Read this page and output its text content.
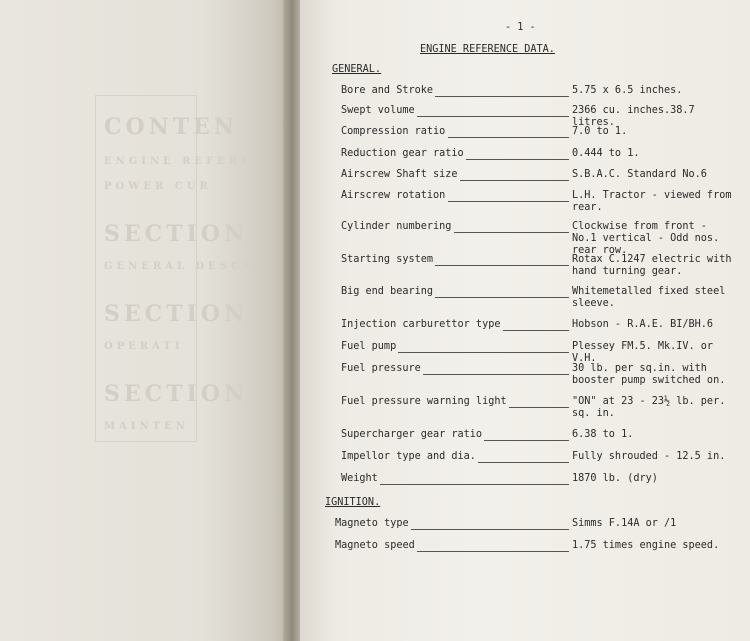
CONTEN
ENGINE REFERE
POWER CUR
SECTION
GENERAL DESCR
SECTION
OPERATI
SECTION
MAINTEN
- 1 -
ENGINE REFERENCE DATA.
GENERAL.
Bore and Stroke	5.75 x 6.5 inches.
Swept volume	2366 cu. inches.38.7 litres.
Compression ratio	7.0 to 1.
Reduction gear ratio	0.444 to 1.
Airscrew Shaft size	S.B.A.C. Standard No.6
Airscrew rotation	L.H. Tractor - viewed from rear.
Cylinder numbering	Clockwise from front - No.1 vertical - Odd nos. rear row.
Starting system	Rotax C.1247 electric with hand turning gear.
Big end bearing	Whitemetalled fixed steel sleeve.
Injection carburettor type	Hobson - R.A.E. BI/BH.6
Fuel pump	Plessey FM.5. Mk.IV. or V.H.
Fuel pressure	30 lb. per sq.in. with booster pump switched on.
Fuel pressure warning light	"ON" at 23 - 23½ lb. per. sq. in.
Supercharger gear ratio	6.38 to 1.
Impellor type and dia.	Fully shrouded - 12.5 in.
Weight	1870 lb. (dry)
IGNITION.
Magneto type	Simms F.14A or /1
Magneto speed	1.75 times engine speed.
